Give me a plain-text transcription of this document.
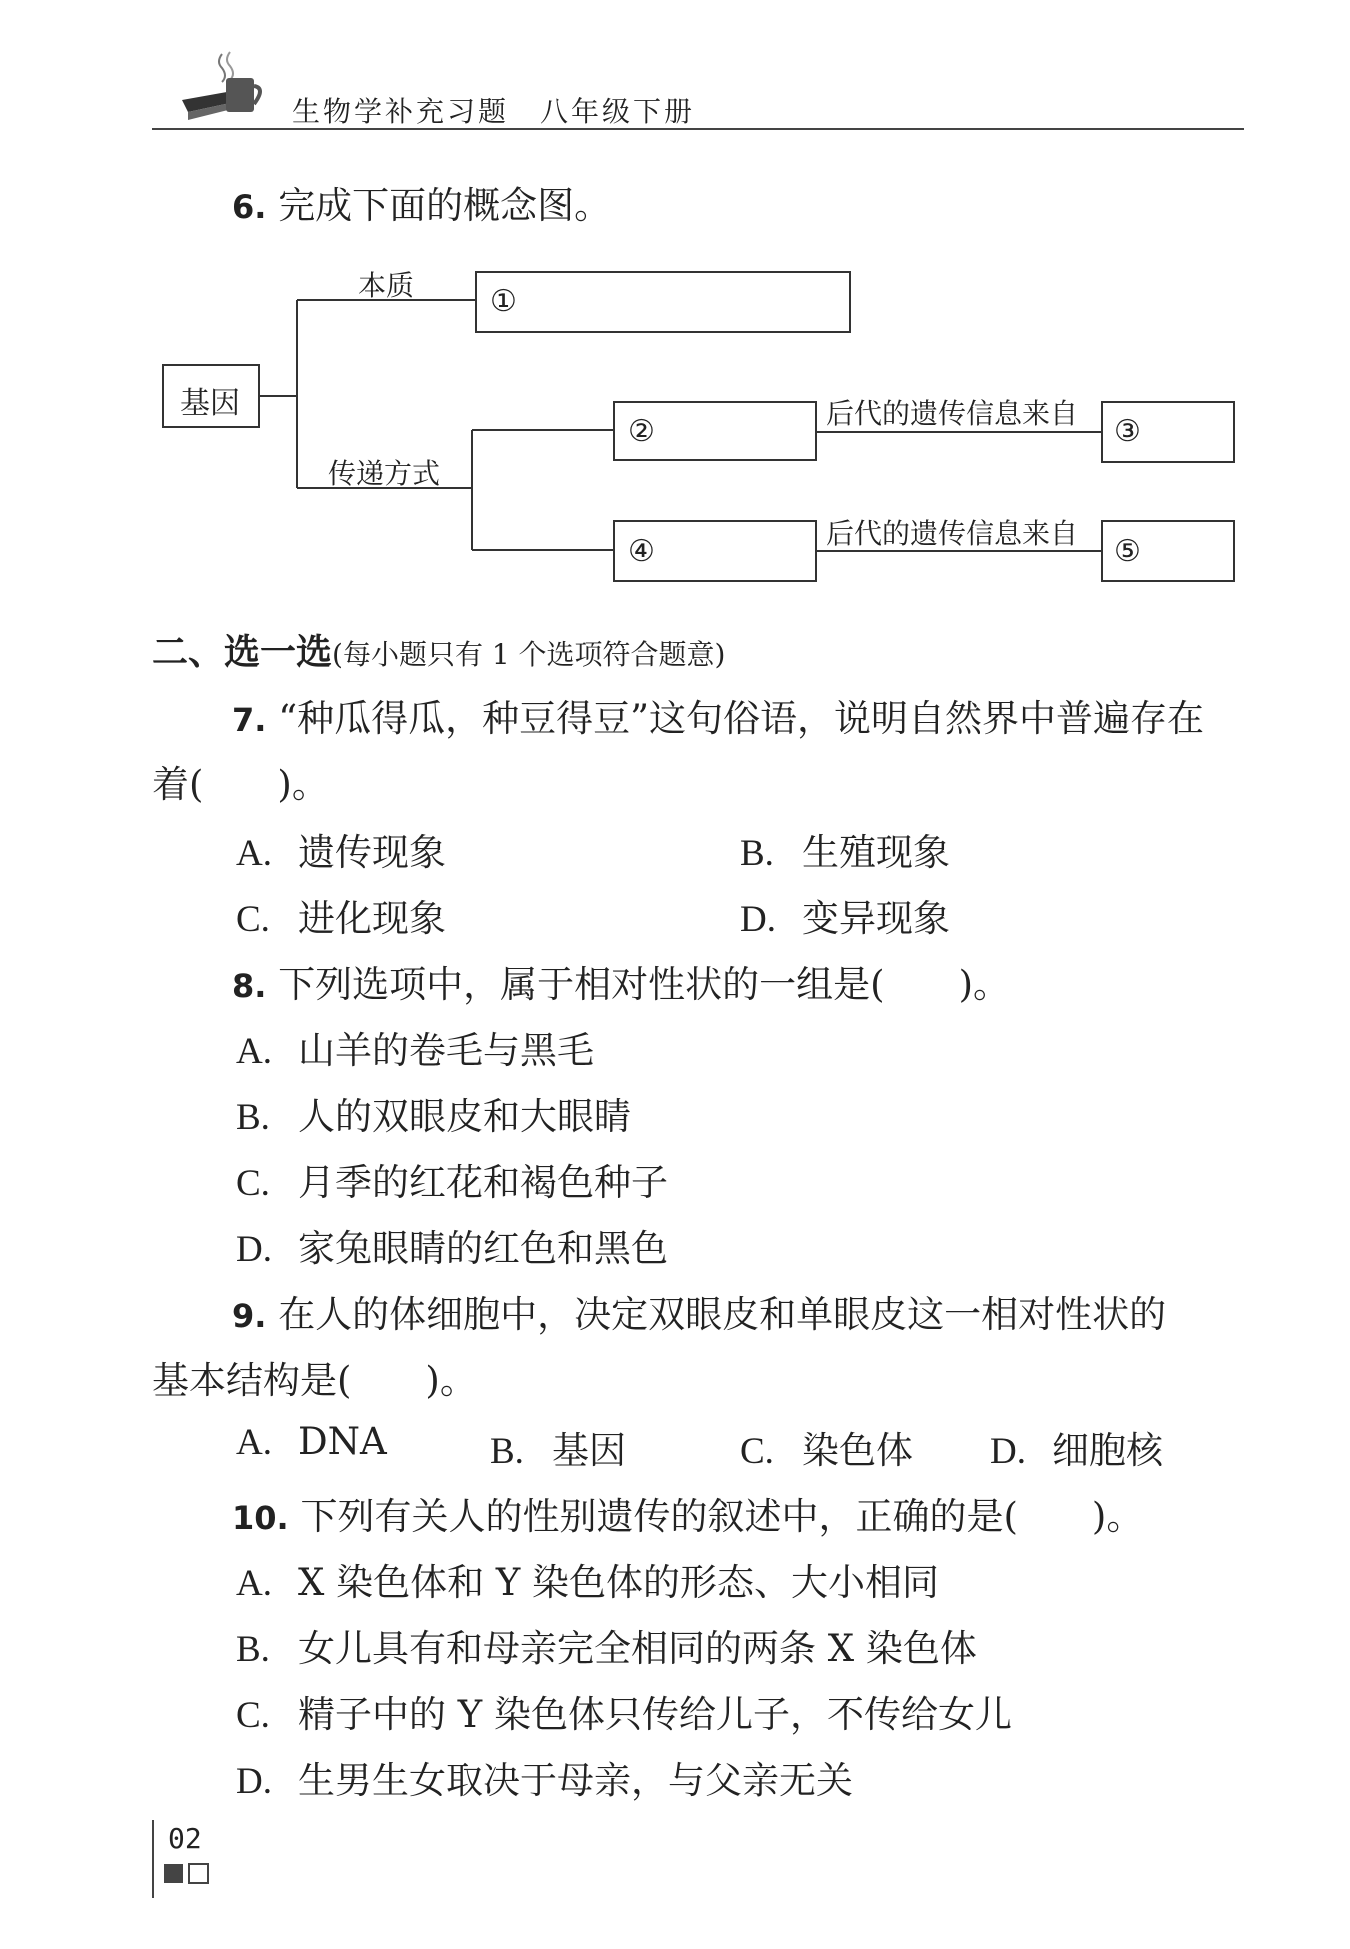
生物学补充习题　八年级下册
6. 完成下面的概念图。
基因
本质
传递方式
①
②	③
④	⑤
后代的遗传信息来自
后代的遗传信息来自
二、选一选(每小题只有 1 个选项符合题意)
7. “种瓜得瓜，种豆得豆”这句俗语，说明自然界中普遍存在
着(　　)。
A. 遗传现象	B. 生殖现象
C. 进化现象	D. 变异现象
8. 下列选项中，属于相对性状的一组是(　　)。
A. 山羊的卷毛与黑毛
B. 人的双眼皮和大眼睛
C. 月季的红花和褐色种子
D. 家兔眼睛的红色和黑色
9. 在人的体细胞中，决定双眼皮和单眼皮这一相对性状的
基本结构是(　　)。
A. DNA	B. 基因	C. 染色体 D. 细胞核
10. 下列有关人的性别遗传的叙述中，正确的是(　　)。
A. X 染色体和 Y 染色体的形态、大小相同
B. 女儿具有和母亲完全相同的两条 X 染色体
C. 精子中的 Y 染色体只传给儿子，不传给女儿
D. 生男生女取决于母亲，与父亲无关
02
